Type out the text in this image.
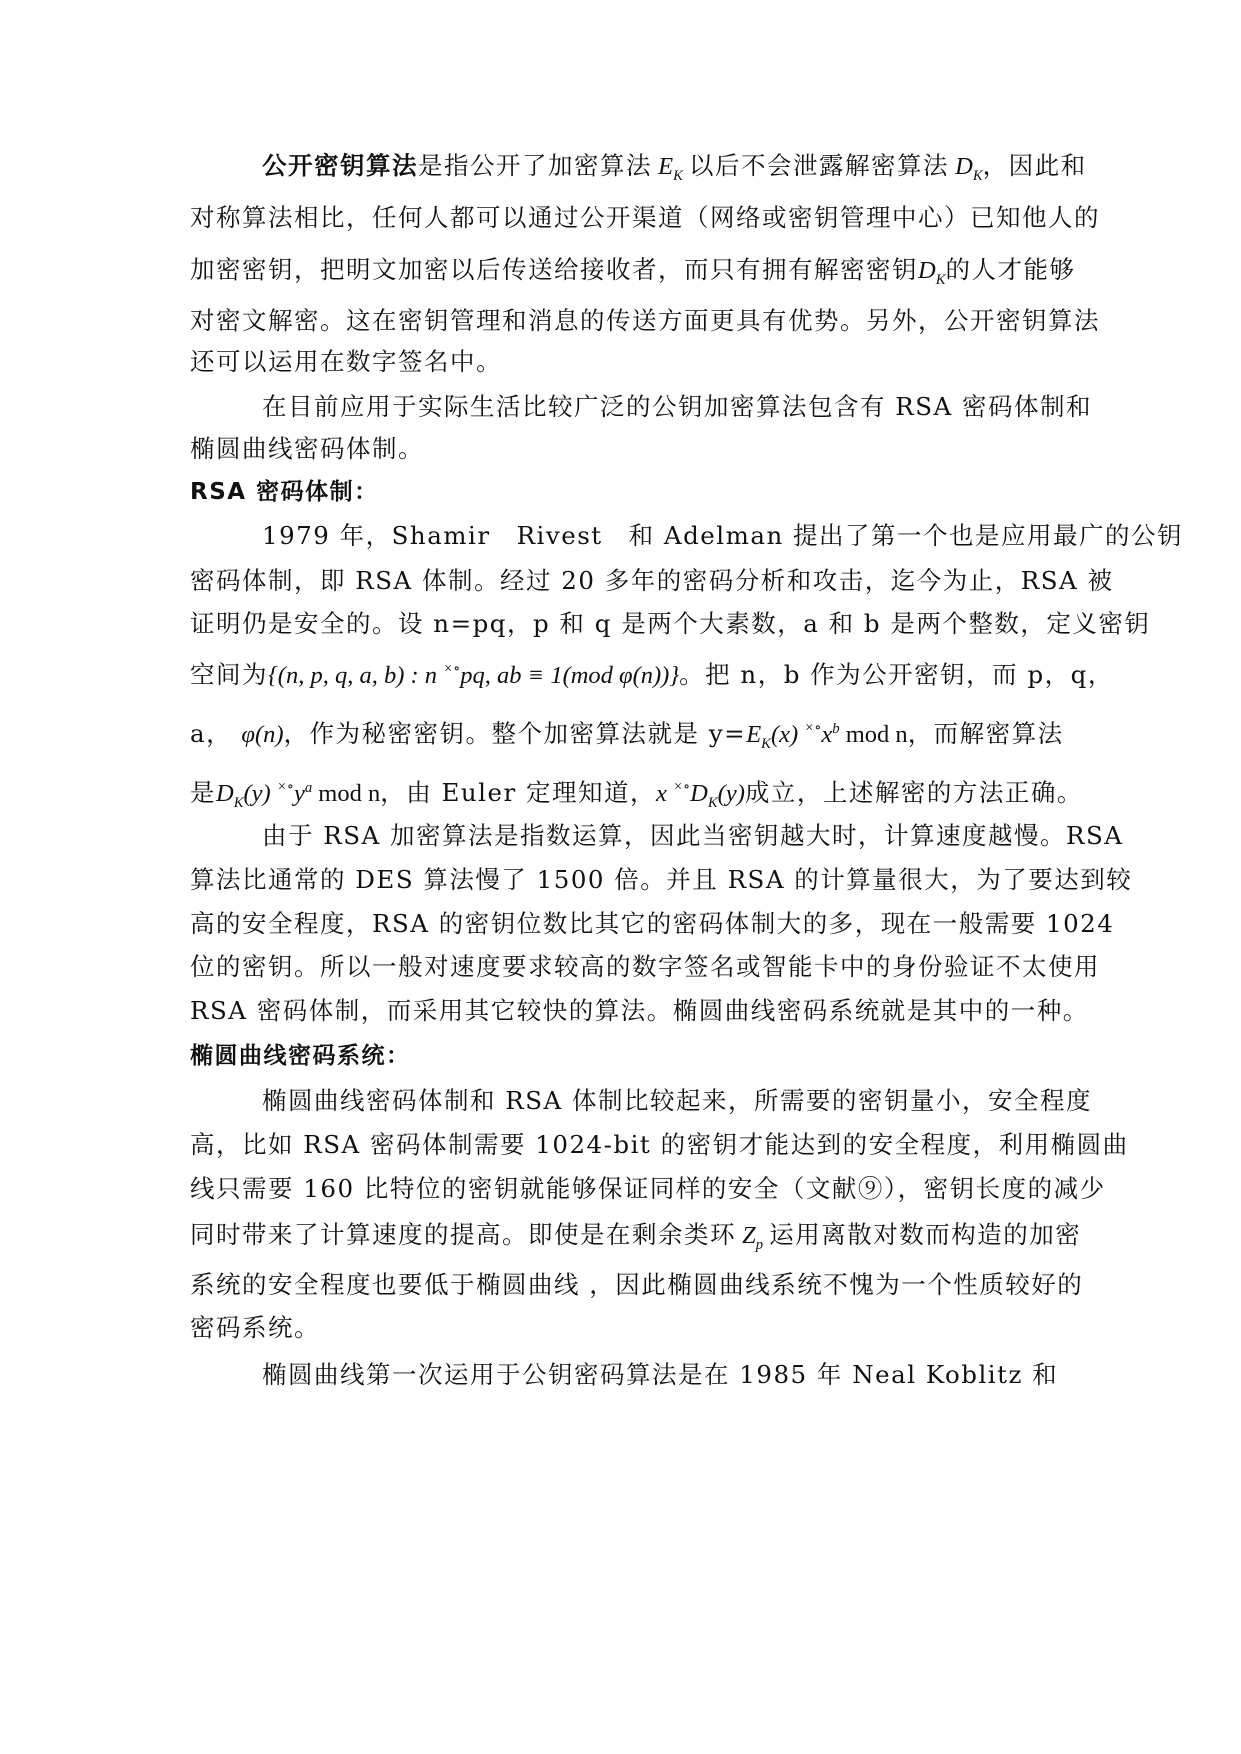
公开密钥算法是指公开了加密算法 $E_K$ 以后不会泄露解密算法 $D_K$，因此和
对称算法相比，任何人都可以通过公开渠道（网络或密钥管理中心）已知他人的
加密密钥，把明文加密以后传送给接收者，而只有拥有解密密钥$D_K$的人才能够
对密文解密。这在密钥管理和消息的传送方面更具有优势。另外，公开密钥算法
还可以运用在数字签名中。
在目前应用于实际生活比较广泛的公钥加密算法包含有 RSA 密码体制和
椭圆曲线密码体制。
RSA 密码体制：
1979 年，Shamir　Rivest　和 Adelman 提出了第一个也是应用最广的公钥
密码体制，即 RSA 体制。经过 20 多年的密码分析和攻击，迄今为止，RSA 被
证明仍是安全的。设 n=pq，p 和 q 是两个大素数，a 和 b 是两个整数，定义密钥
空间为{(n, p, q, a, b) : n ×∘pq, ab ≡ 1(mod φ(n))}。把 n，b 作为公开密钥，而 p，q，
a， φ(n)，作为秘密密钥。整个加密算法就是 $y=E_K(x)$ $^{\times\circ}x^b$ mod n，而解密算法
是$D_K(y)$ $^{\times\circ}y^a$ mod n，由 Euler 定理知道，x $^{\times\circ}D_K(y)$成立，上述解密的方法正确。
由于 RSA 加密算法是指数运算，因此当密钥越大时，计算速度越慢。RSA
算法比通常的 DES 算法慢了 1500 倍。并且 RSA 的计算量很大，为了要达到较
高的安全程度，RSA 的密钥位数比其它的密码体制大的多，现在一般需要 1024
位的密钥。所以一般对速度要求较高的数字签名或智能卡中的身份验证不太使用
RSA 密码体制，而采用其它较快的算法。椭圆曲线密码系统就是其中的一种。
椭圆曲线密码系统：
椭圆曲线密码体制和 RSA 体制比较起来，所需要的密钥量小，安全程度
高，比如 RSA 密码体制需要 1024-bit 的密钥才能达到的安全程度，利用椭圆曲
线只需要 160 比特位的密钥就能够保证同样的安全（文献⑨），密钥长度的减少
同时带来了计算速度的提高。即使是在剩余类环 $Z_p$ 运用离散对数而构造的加密
系统的安全程度也要低于椭圆曲线 ，因此椭圆曲线系统不愧为一个性质较好的
密码系统。
椭圆曲线第一次运用于公钥密码算法是在 1985 年 Neal Koblitz 和
